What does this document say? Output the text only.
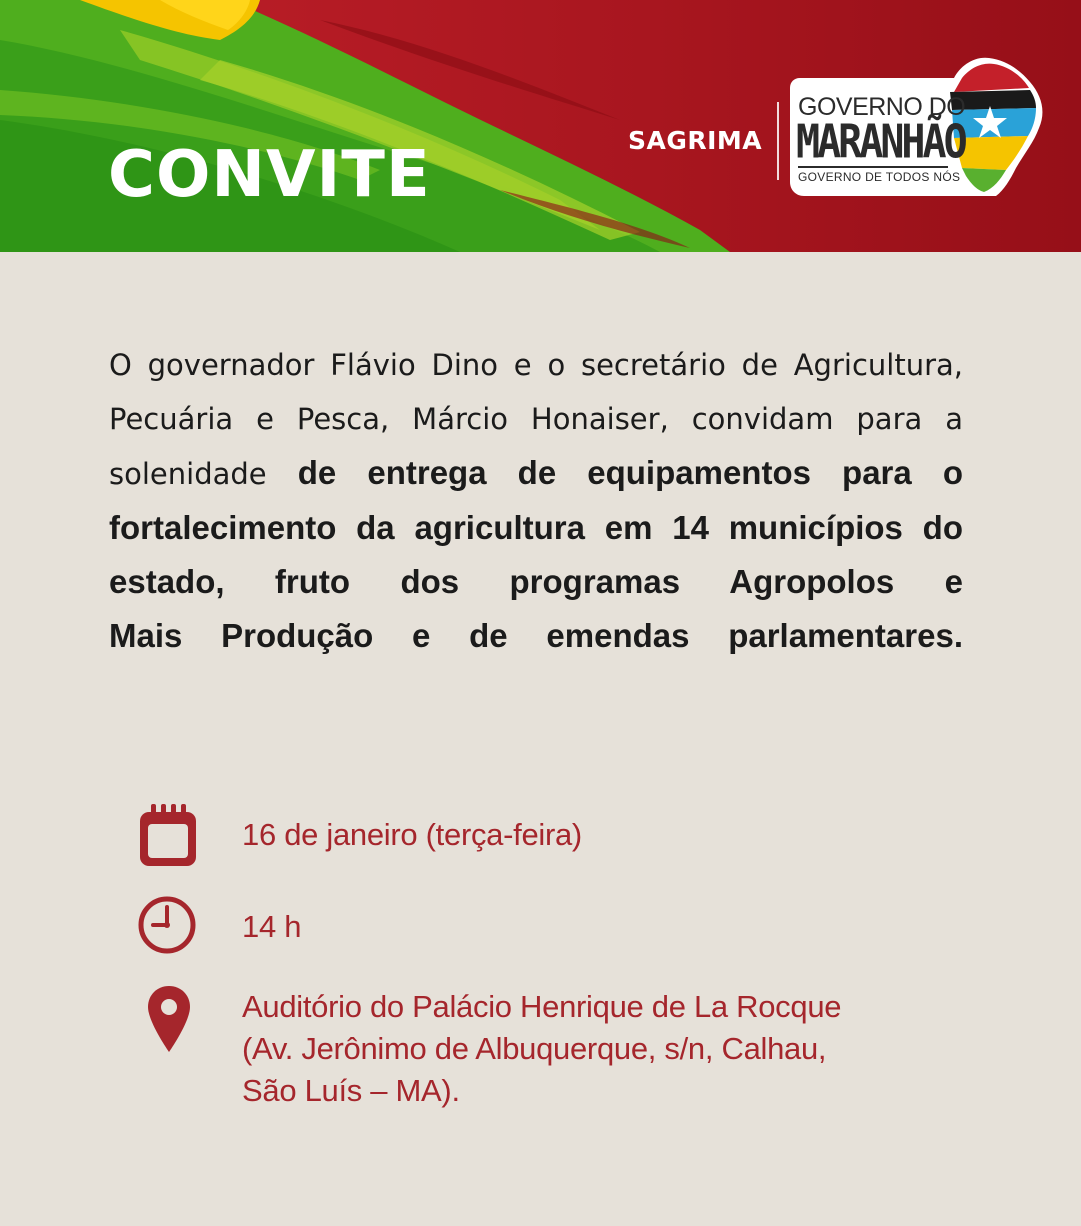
CONVITE	SAGRIMA
GOVERNO DO
MARANHÃO
GOVERNO DE TODOS NÓS
O governador Flávio Dino e o secretário de Agricultura,
Pecuária e Pesca, Márcio Honaiser, convidam para a
solenidade de entrega de equipamentos para o
fortalecimento da agricultura em 14 municípios do
estado, fruto dos programas Agropolos e
Mais Produção e de emendas parlamentares.
16 de janeiro (terça-feira)
14 h
Auditório do Palácio Henrique de La Rocque
(Av. Jerônimo de Albuquerque, s/n, Calhau,
São Luís – MA).
